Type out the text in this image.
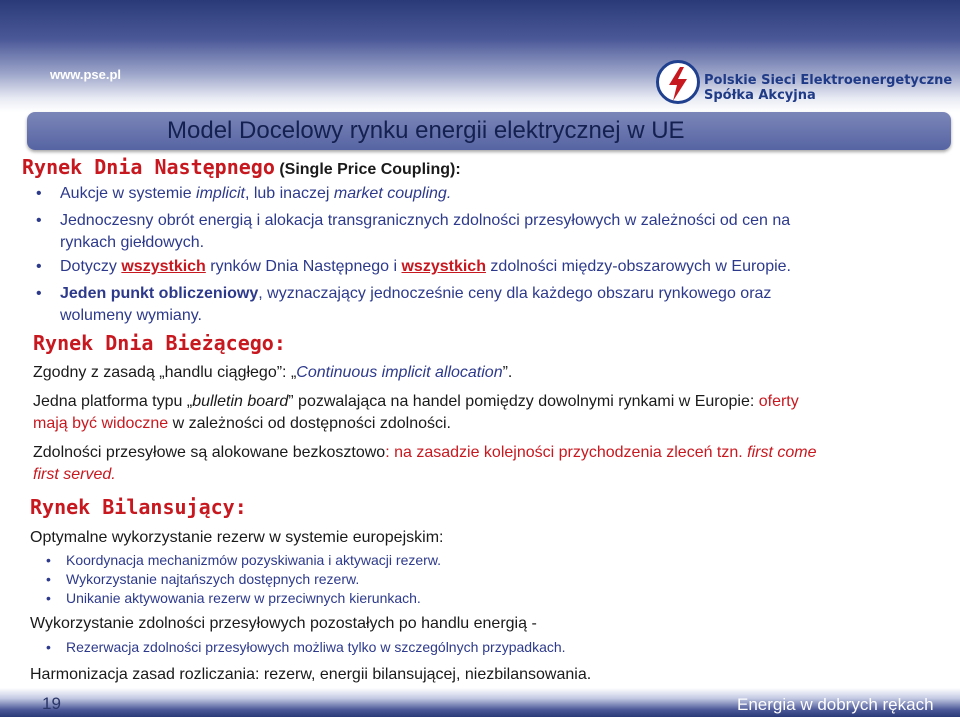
www.pse.pl	Polskie Sieci Elektroenergetyczne
Spółka Akcyjna
Model Docelowy rynku energii elektrycznej w UE
Rynek Dnia Następnego (Single Price Coupling):
• Aukcje w systemie implicit, lub inaczej market coupling.
• Jednoczesny obrót energią i alokacja transgranicznych zdolności przesyłowych w zależności od cen na
rynkach giełdowych.
• Dotyczy wszystkich rynków Dnia Następnego i wszystkich zdolności między-obszarowych w Europie.
• Jeden punkt obliczeniowy, wyznaczający jednocześnie ceny dla każdego obszaru rynkowego oraz
wolumeny wymiany.
Rynek Dnia Bieżącego:
Zgodny z zasadą „handlu ciągłego”: „Continuous implicit allocation”.
Jedna platforma typu „bulletin board” pozwalająca na handel pomiędzy dowolnymi rynkami w Europie: oferty
mają być widoczne w zależności od dostępności zdolności.
Zdolności przesyłowe są alokowane bezkosztowo: na zasadzie kolejności przychodzenia zleceń tzn. first come
first served.
Rynek Bilansujący:
Optymalne wykorzystanie rezerw w systemie europejskim:
• Koordynacja mechanizmów pozyskiwania i aktywacji rezerw.
• Wykorzystanie najtańszych dostępnych rezerw.
• Unikanie aktywowania rezerw w przeciwnych kierunkach.
Wykorzystanie zdolności przesyłowych pozostałych po handlu energią -
• Rezerwacja zdolności przesyłowych możliwa tylko w szczególnych przypadkach.
Harmonizacja zasad rozliczania: rezerw, energii bilansującej, niezbilansowania.
19	Energia w dobrych rękach
